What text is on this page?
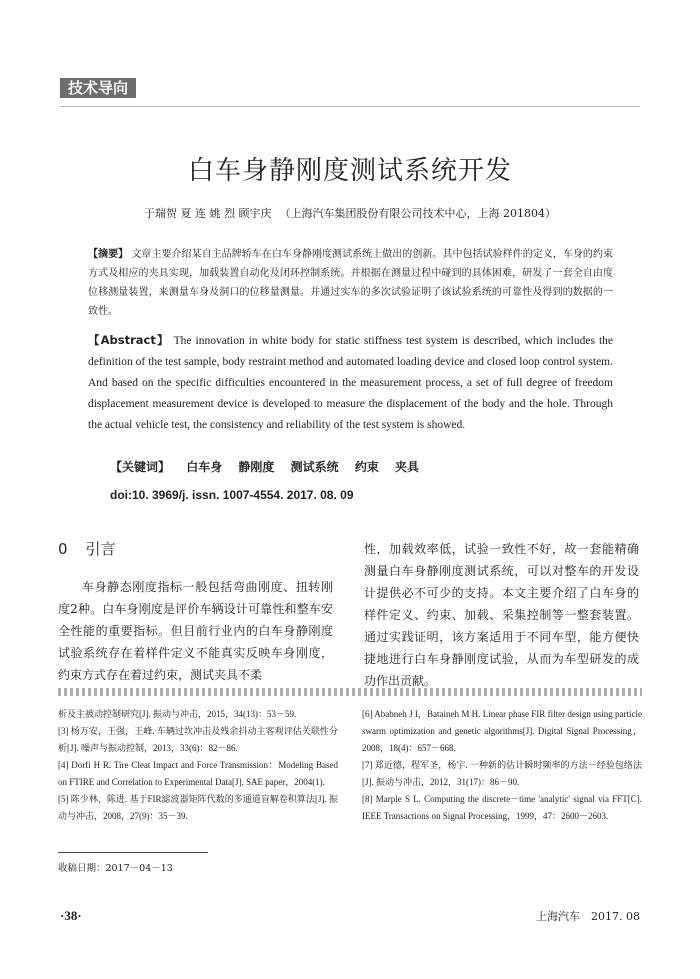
技术导向
白车身静刚度测试系统开发
于瑞贺 夏 连 姚 烈 顾宇庆 （上海汽车集团股份有限公司技术中心，上海 201804）
【摘要】 文章主要介绍某自主品牌轿车在白车身静刚度测试系统上做出的创新。其中包括试验样件的定义，车身的约束方式及相应的夹具实现，加载装置自动化及闭环控制系统。并根据在测量过程中碰到的具体困难，研发了一套全自由度位移测量装置，来测量车身及洞口的位移量测量。并通过实车的多次试验证明了该试验系统的可靠性及得到的数据的一致性。
【Abstract】 The innovation in white body for static stiffness test system is described, which includes the definition of the test sample, body restraint method and automated loading device and closed loop control system. And based on the specific difficulties encountered in the measurement process, a set of full degree of freedom displacement measurement device is developed to measure the displacement of the body and the hole. Through the actual vehicle test, the consistency and reliability of the test system is showed.
【关键词】 白车身 静刚度 测试系统 约束 夹具
doi:10. 3969/j. issn. 1007-4554. 2017. 08. 09
0 引言

车身静态刚度指标一般包括弯曲刚度、扭转刚度2种。白车身刚度是评价车辆设计可靠性和整车安全性能的重要指标。但目前行业内的白车身静刚度试验系统存在着样件定义不能真实反映车身刚度，约束方式存在着过约束，测试夹具不柔

性，加载效率低，试验一致性不好，故一套能精确测量白车身静刚度测试系统，可以对整车的开发设计提供必不可少的支持。本文主要介绍了白车身的样件定义、约束、加载、采集控制等一整套装置。通过实践证明，该方案适用于不同车型，能方便快捷地进行白车身静刚度试验，从而为车型研发的成功作出贡献。

析及主被动控制研究[J]. 振动与冲击，2015，34(13)：53－59.
[3] 杨万安，王强，王峰. 车辆过坎冲击及残余抖动主客观评估关联性分析[J]. 噪声与振动控制，2013，33(6)：82－86.
[4] Dorfi H R. Tire Cleat Impact and Force Transmission：Modeling Based on FTIRE and Correlation to Experimental Data[J]. SAE paper，2004(1).
[5] 陈少林，陈进. 基于FIR滤波器矩阵代数的多通道盲解卷积算法[J]. 振动与冲击，2008，27(9)：35－39.
[6] Ababneh J I，Bataineh M H. Linear phase FIR filter design using particle swarm optimization and genetic algorithms[J]. Digital Signal Processing，2008，18(4)：657－668.
[7] 郑近德，程军圣，杨宇. 一种新的估计瞬时频率的方法－经验包络法[J]. 振动与冲击，2012，31(17)：86－90.
[8] Marple S L. Computing the discrete－time 'analytic' signal via FFT[C]. IEEE Transactions on Signal Processing，1999，47：2600－2603.
收稿日期：2017－04－13
·38·	上海汽车　2017. 08
